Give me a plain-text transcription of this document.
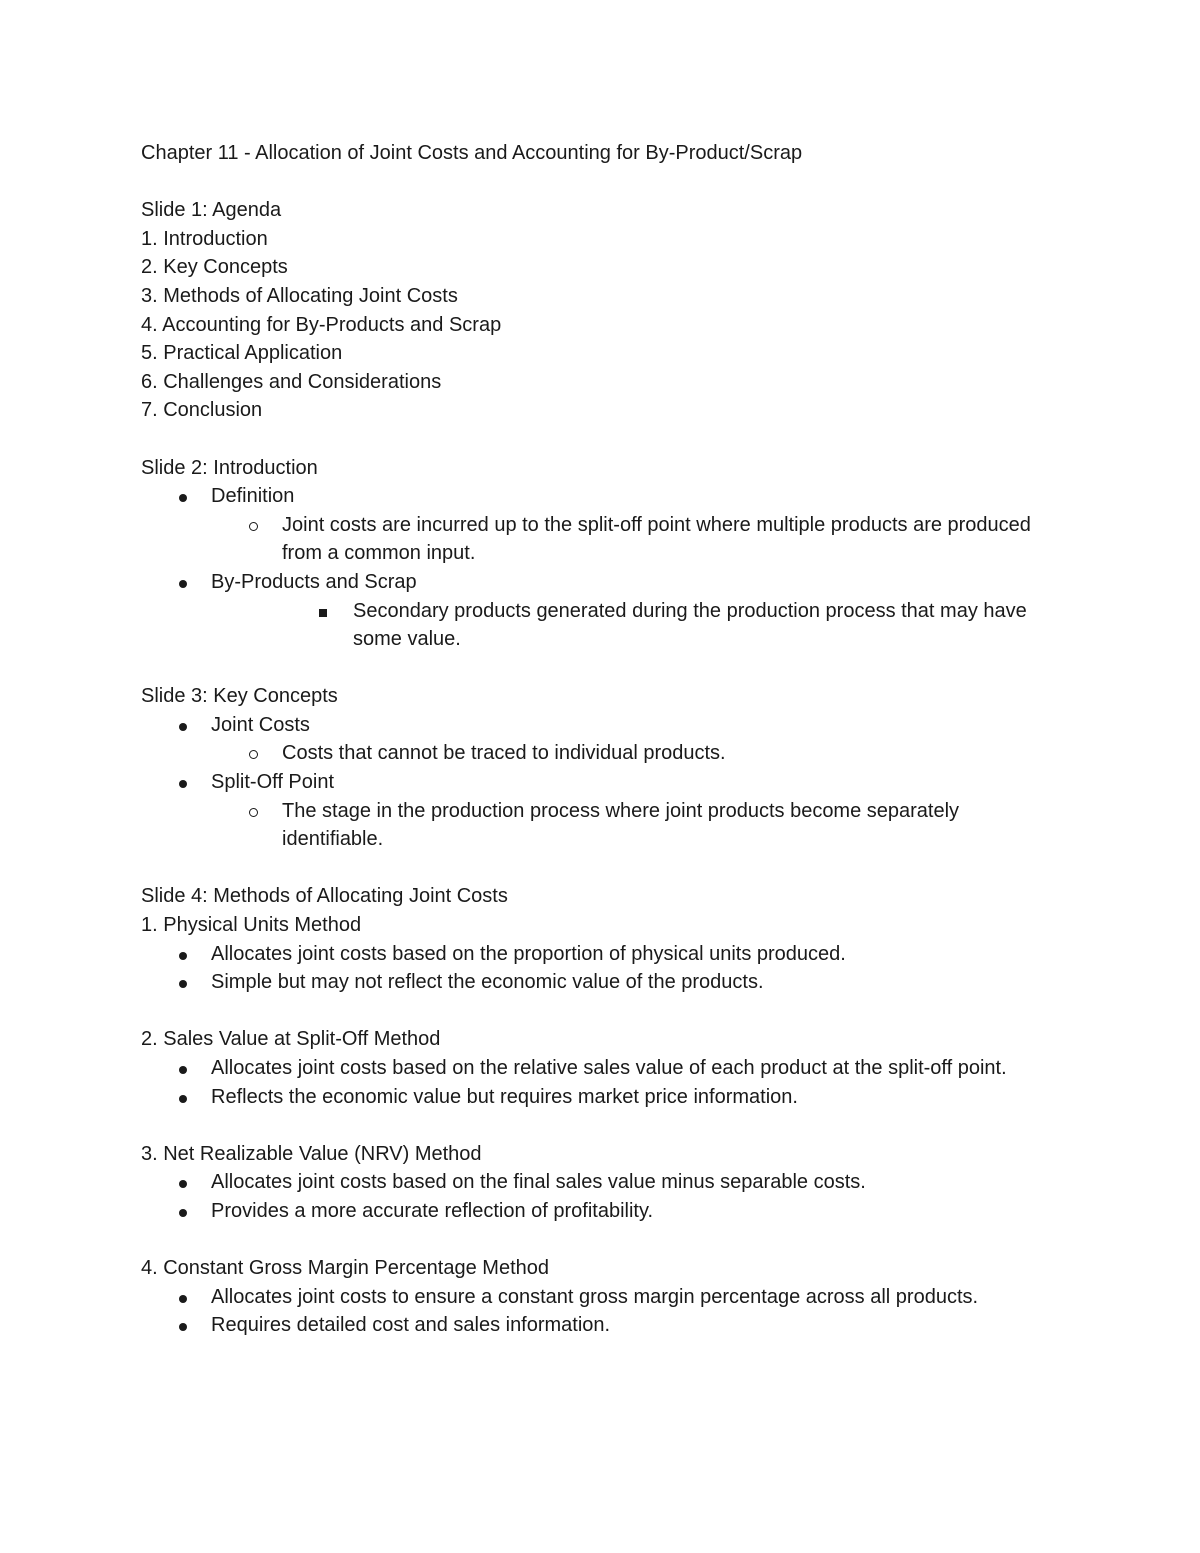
Chapter 11 - Allocation of Joint Costs and Accounting for By-Product/Scrap
Slide 1: Agenda
1. Introduction
2. Key Concepts
3. Methods of Allocating Joint Costs
4. Accounting for By-Products and Scrap
5. Practical Application
6. Challenges and Considerations
7. Conclusion
Slide 2: Introduction
Definition
Joint costs are incurred up to the split-off point where multiple products are produced from a common input.
By-Products and Scrap
Secondary products generated during the production process that may have some value.
Slide 3: Key Concepts
Joint Costs
Costs that cannot be traced to individual products.
Split-Off Point
The stage in the production process where joint products become separately identifiable.
Slide 4: Methods of Allocating Joint Costs
1. Physical Units Method
Allocates joint costs based on the proportion of physical units produced.
Simple but may not reflect the economic value of the products.
2. Sales Value at Split-Off Method
Allocates joint costs based on the relative sales value of each product at the split-off point.
Reflects the economic value but requires market price information.
3. Net Realizable Value (NRV) Method
Allocates joint costs based on the final sales value minus separable costs.
Provides a more accurate reflection of profitability.
4. Constant Gross Margin Percentage Method
Allocates joint costs to ensure a constant gross margin percentage across all products.
Requires detailed cost and sales information.
